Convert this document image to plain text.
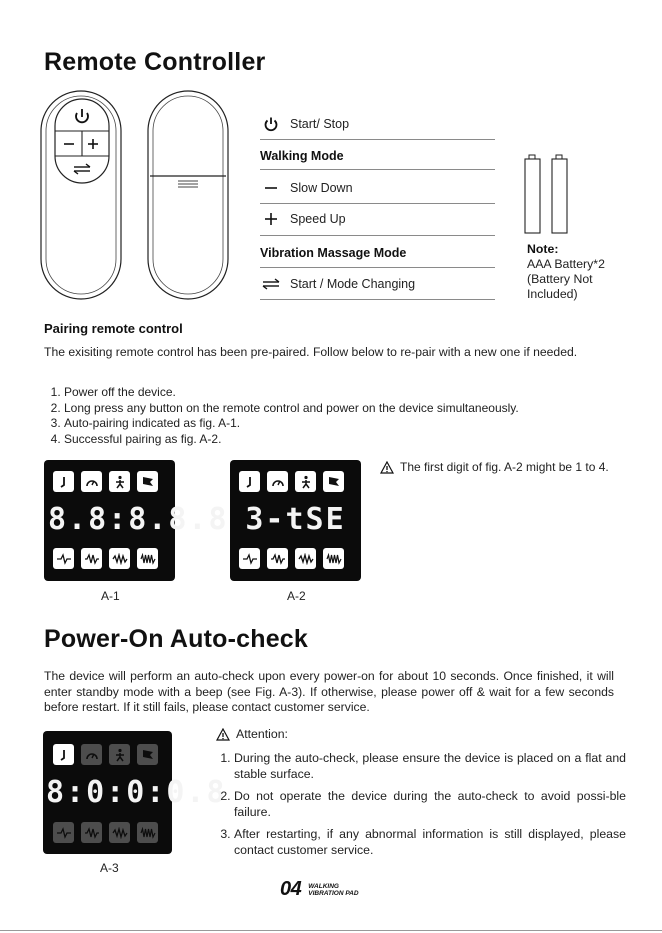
Remote Controller
Start/ Stop
Walking Mode
Slow Down
Speed Up
Vibration Massage Mode
Start / Mode Changing
Note:
AAA Battery*2
(Battery Not
Included)
Pairing remote control

The exisiting remote control has been pre-paired. Follow below to re-pair with a new one if needed.

1. Power off the device.
2. Long press any button on the remote control and power on the device simultaneously.
3. Auto-pairing indicated as fig. A-1.
4. Successful pairing as fig. A-2.
8.8:8.8.8
A-1
3-tSE
A-2
The first digit of fig. A-2 might be 1 to 4.
Power-On Auto-check

The device will perform an auto-check upon every power-on for about 10 seconds. Once finished, it will enter standby mode with a beep (see Fig. A-3). If otherwise, please power off & wait for a few seconds before restart. If it still fails, please contact customer service.

8:0:0:0.8
A-3
Attention:
1. During the auto-check, please ensure the device is placed on a flat and stable surface.
2. Do not operate the device during the auto-check to avoid possi-ble failure.
3. After restarting, if any abnormal information is still displayed, please contact customer service.
04 WALKING
VIBRATION PAD
